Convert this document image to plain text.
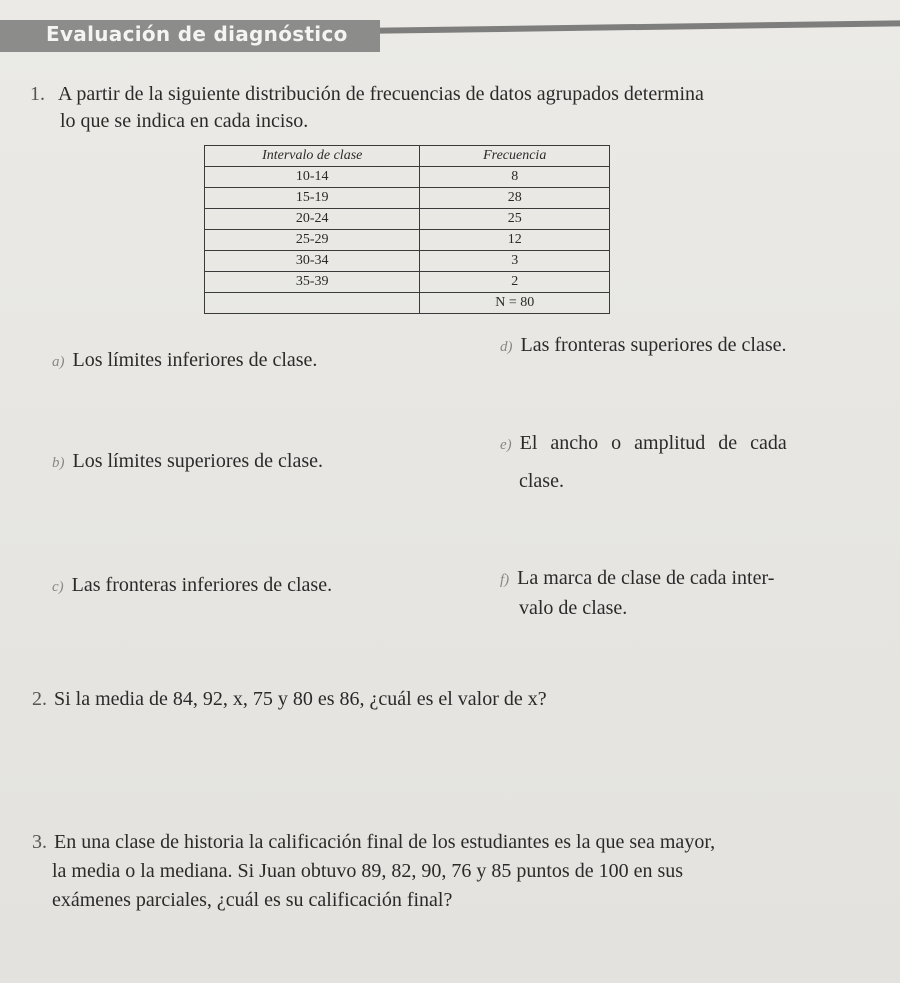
Evaluación de diagnóstico
1. A partir de la siguiente distribución de frecuencias de datos agrupados determina
lo que se indica en cada inciso.
Intervalo de clase	Frecuencia
10-14	8
15-19	28
20-24	25
25-29	12
30-34	3
35-39	2
	N = 80
a) Los límites inferiores de clase.
d) Las fronteras superiores de clase.
b) Los límites superiores de clase.
e) El ancho o amplitud de cada
clase.
c) Las fronteras inferiores de clase.	f) La marca de clase de cada inter-
valo de clase.
2. Si la media de 84, 92, x, 75 y 80 es 86, ¿cuál es el valor de x?
3. En una clase de historia la calificación final de los estudiantes es la que sea mayor,
la media o la mediana. Si Juan obtuvo 89, 82, 90, 76 y 85 puntos de 100 en sus
exámenes parciales, ¿cuál es su calificación final?
